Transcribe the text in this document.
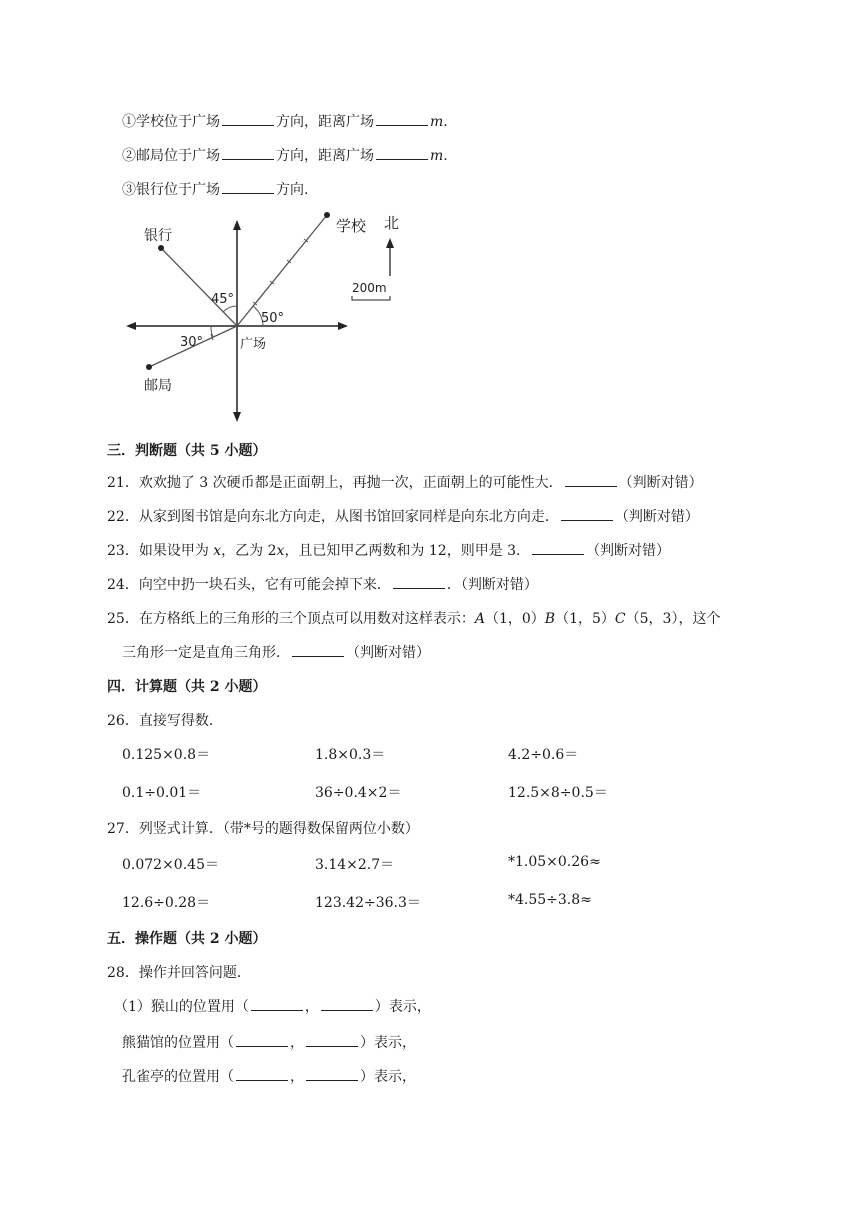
①学校位于广场	方向，距离广场	m.
②邮局位于广场	方向，距离广场	m.
③银行位于广场	方向.
银行
学校
45°
50°
30°	广场
邮局
北
200m
三．判断题（共 5 小题）
21．欢欢抛了 3 次硬币都是正面朝上，再抛一次，正面朝上的可能性大．	（判断对错）
22．从家到图书馆是向东北方向走，从图书馆回家同样是向东北方向走．	（判断对错）
23．如果设甲为 x，乙为 2x，且已知甲乙两数和为 12，则甲是 3．	（判断对错）
24．向空中扔一块石头，它有可能会掉下来．	．（判断对错）
25．在方格纸上的三角形的三个顶点可以用数对这样表示：A（1，0）B（1，5）C（5，3），这个
三角形一定是直角三角形．	（判断对错）
四．计算题（共 2 小题）
26．直接写得数．
0.125×0.8＝	1.8×0.3＝	4.2÷0.6＝
0.1÷0.01＝	36÷0.4×2＝	12.5×8÷0.5＝
27．列竖式计算．（带*号的题得数保留两位小数）
0.072×0.45＝	3.14×2.7＝	*1.05×0.26≈
12.6÷0.28＝	123.42÷36.3＝	*4.55÷3.8≈
五．操作题（共 2 小题）
28．操作并回答问题．
（1）猴山的位置用（	，	）表示，
熊猫馆的位置用（	，	）表示，
孔雀亭的位置用（	，	）表示，
